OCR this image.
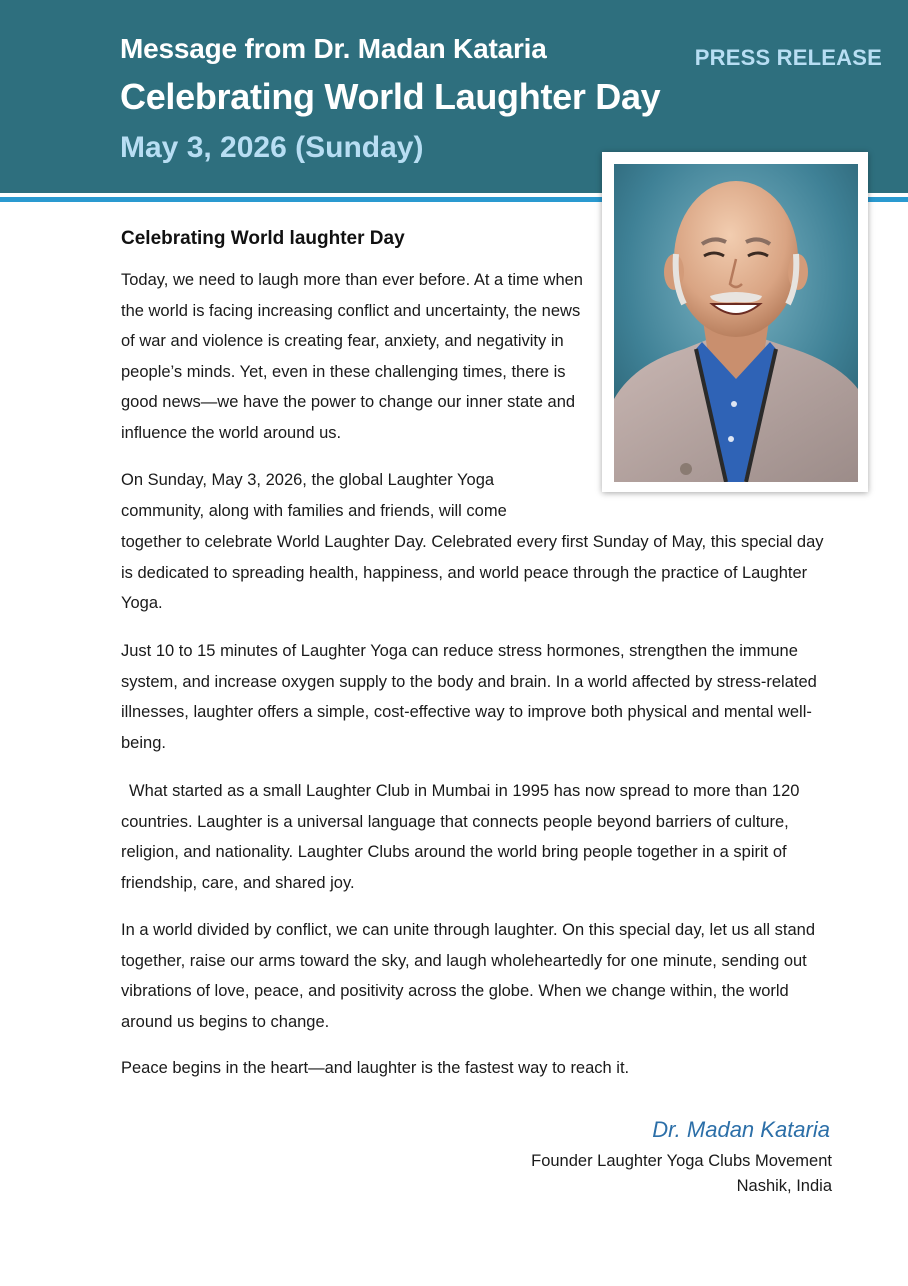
Message from Dr. Madan Kataria
Celebrating World Laughter Day
May 3, 2026 (Sunday)
PRESS RELEASE
Celebrating World laughter Day

Today, we need to laugh more than ever before. At a time when the world is facing increasing conflict and uncertainty, the news of war and violence is creating fear, anxiety, and negativity in people’s minds. Yet, even in these challenging times, there is good news—we have the power to change our inner state and influence the world around us.

On Sunday, May 3, 2026, the global Laughter Yoga community, along with families and friends, will come

together to celebrate World Laughter Day. Celebrated every first Sunday of May, this special day is dedicated to spreading health, happiness, and world peace through the practice of Laughter Yoga.

Just 10 to 15 minutes of Laughter Yoga can reduce stress hormones, strengthen the immune system, and increase oxygen supply to the body and brain. In a world affected by stress-related illnesses, laughter offers a simple, cost-effective way to improve both physical and mental well-being.

What started as a small Laughter Club in Mumbai in 1995 has now spread to more than 120 countries. Laughter is a universal language that connects people beyond barriers of culture, religion, and nationality. Laughter Clubs around the world bring people together in a spirit of friendship, care, and shared joy.

In a world divided by conflict, we can unite through laughter. On this special day, let us all stand together, raise our arms toward the sky, and laugh wholeheartedly for one minute, sending out vibrations of love, peace, and positivity across the globe. When we change within, the world around us begins to change.

Peace begins in the heart—and laughter is the fastest way to reach it.

Dr. Madan Kataria
Founder Laughter Yoga Clubs Movement
Nashik, India
